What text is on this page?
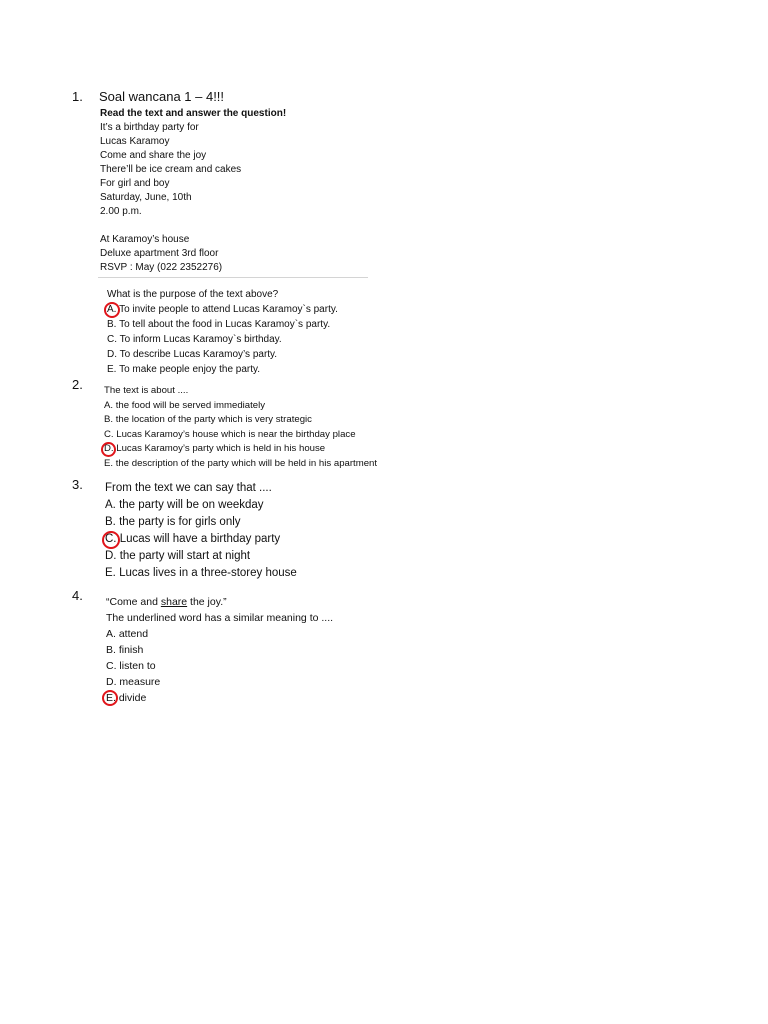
1.
2.
3.
4.
Soal wancana 1 – 4!!!
Read the text and answer the question!
It’s a birthday party for
Lucas Karamoy
Come and share the joy
There’ll be ice cream and cakes
For girl and boy
Saturday, June, 10th
2.00 p.m.
At Karamoy’s house
Deluxe apartment 3rd floor
RSVP : May (022 2352276)
What is the purpose of the text above?
A. To invite people to attend Lucas Karamoy`s party.
B. To tell about the food in Lucas Karamoy`s party.
C. To inform Lucas Karamoy`s birthday.
D. To describe Lucas Karamoy’s party.
E. To make people enjoy the party.
The text is about ....
A. the food will be served immediately
B. the location of the party which is very strategic
C. Lucas Karamoy’s house which is near the birthday place
D. Lucas Karamoy’s party which is held in his house
E. the description of the party which will be held in his apartment
From the text we can say that ....
A. the party will be on weekday
B. the party is for girls only
C. Lucas will have a birthday party
D. the party will start at night
E. Lucas lives in a three-storey house
“Come and share the joy.”
The underlined word has a similar meaning to ....
A. attend
B. finish
C. listen to
D. measure
E. divide
